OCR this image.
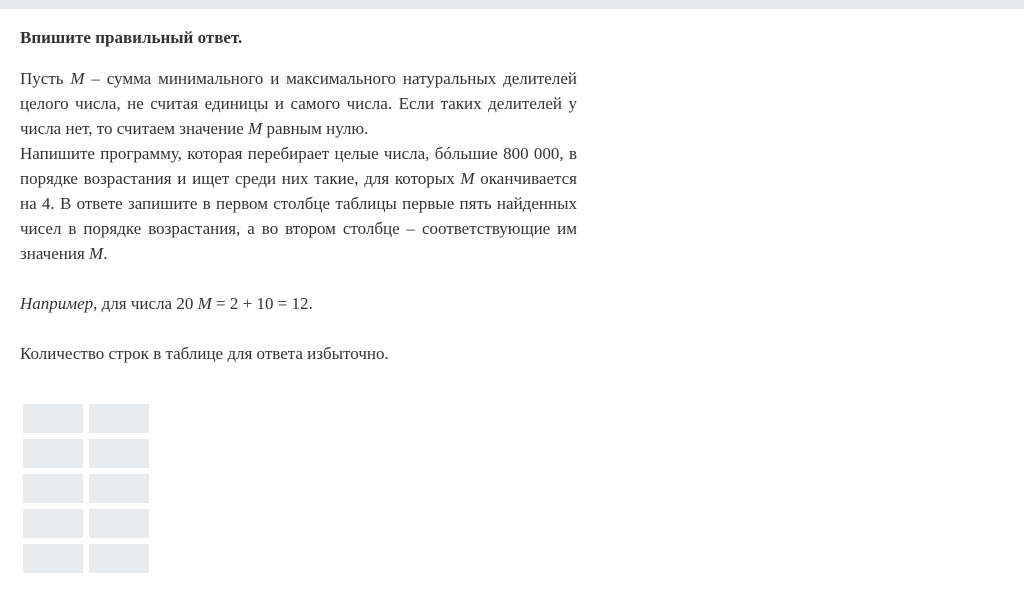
Впишите правильный ответ.

Пусть M – сумма минимального и максимального натуральных делителей целого числа, не считая единицы и самого числа. Если таких делителей у числа нет, то считаем значение M равным нулю.

Напишите программу, которая перебирает целые числа, бóльшие 800 000, в порядке возрастания и ищет среди них такие, для которых M оканчивается на 4. В ответе запишите в первом столбце таблицы первые пять найденных чисел в порядке возрастания, а во втором столбце – соответствующие им значения M.

Например, для числа 20 M = 2 + 10 = 12.

Количество строк в таблице для ответа избыточно.
